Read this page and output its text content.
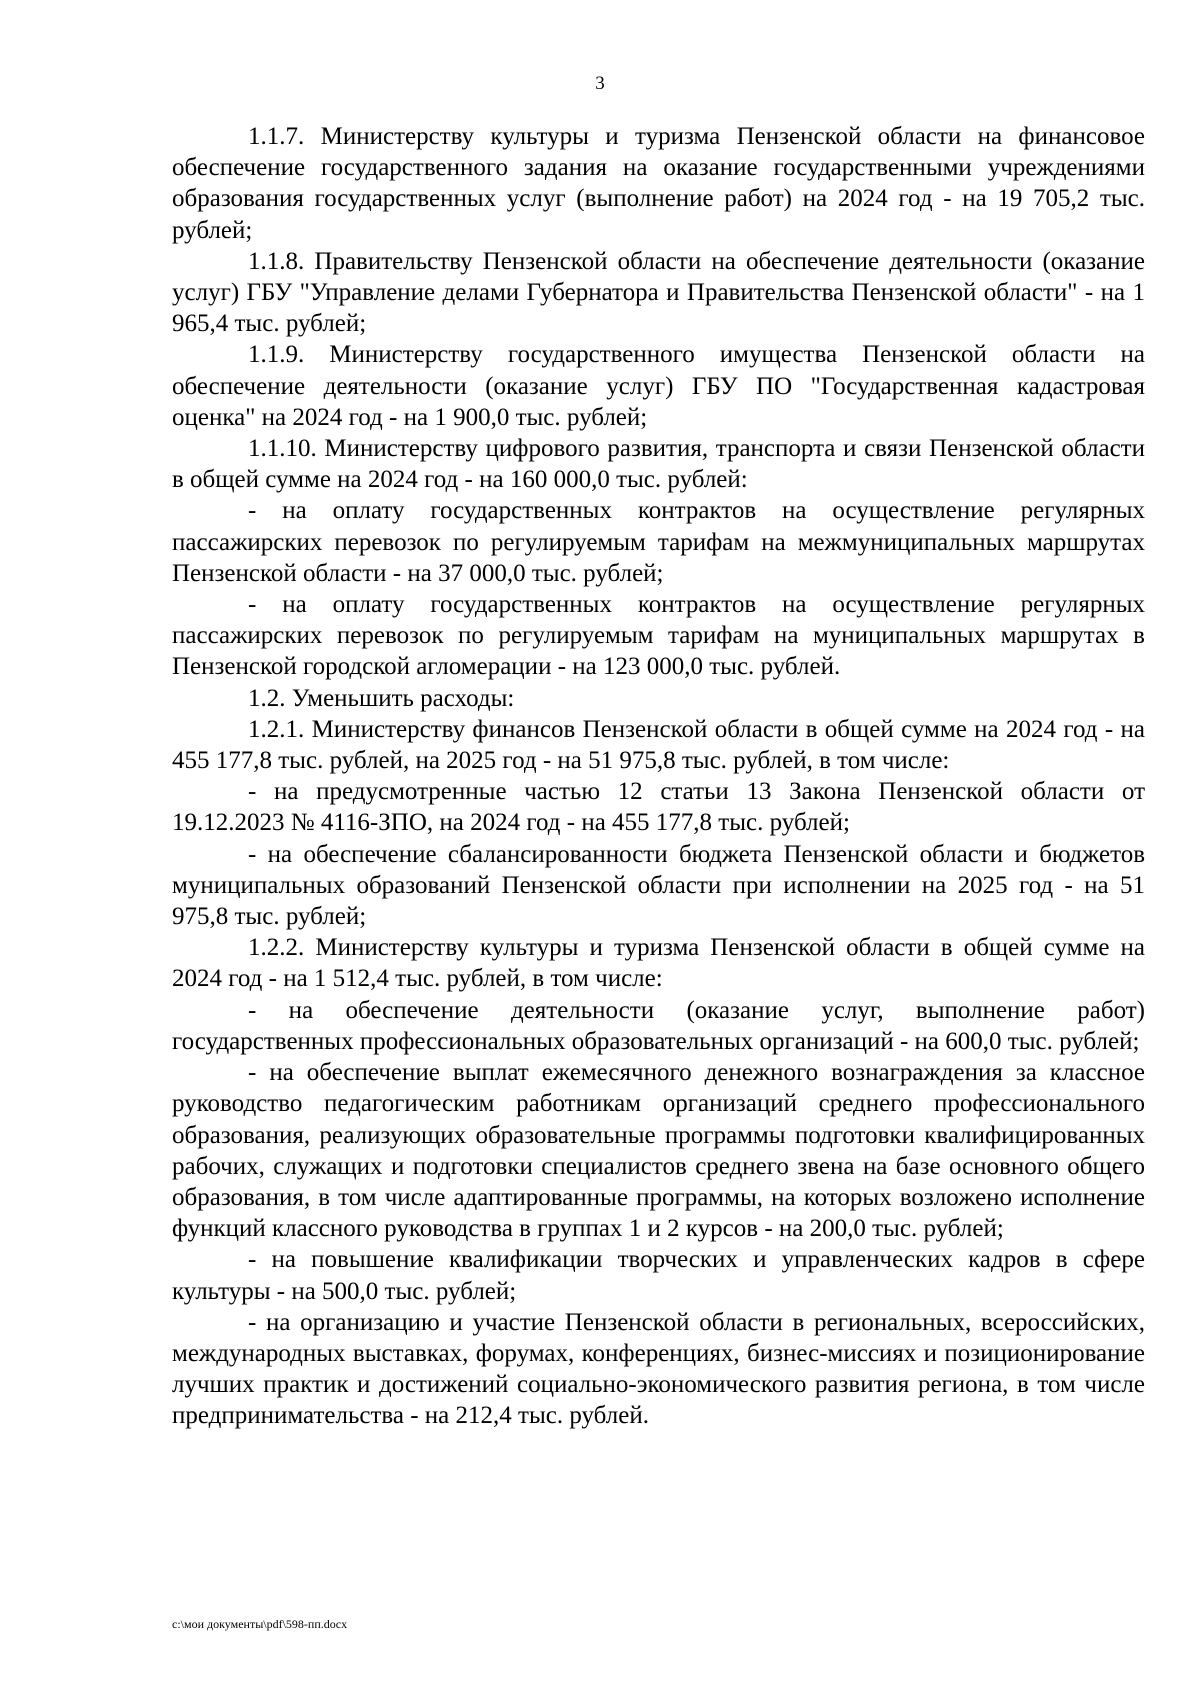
3

1.1.7. Министерству культуры и туризма Пензенской области на финансовое обеспечение государственного задания на оказание государственными учреждениями образования государственных услуг (выполнение работ) на 2024 год - на 19 705,2 тыс. рублей;

1.1.8. Правительству Пензенской области на обеспечение деятельности (оказание услуг) ГБУ "Управление делами Губернатора и Правительства Пензенской области" - на 1 965,4 тыс. рублей;

1.1.9. Министерству государственного имущества Пензенской области на обеспечение деятельности (оказание услуг) ГБУ ПО "Государственная кадастровая оценка" на 2024 год - на 1 900,0 тыс. рублей;

1.1.10. Министерству цифрового развития, транспорта и связи Пензенской области в общей сумме на 2024 год - на 160 000,0 тыс. рублей:

- на оплату государственных контрактов на осуществление регулярных пассажирских перевозок по регулируемым тарифам на межмуниципальных маршрутах Пензенской области - на 37 000,0 тыс. рублей;

- на оплату государственных контрактов на осуществление регулярных пассажирских перевозок по регулируемым тарифам на муниципальных маршрутах в Пензенской городской агломерации - на 123 000,0 тыс. рублей.

1.2. Уменьшить расходы:

1.2.1. Министерству финансов Пензенской области в общей сумме на 2024 год - на 455 177,8 тыс. рублей, на 2025 год - на 51 975,8 тыс. рублей, в том числе:

- на предусмотренные частью 12 статьи 13 Закона Пензенской области от 19.12.2023 № 4116-ЗПО, на 2024 год - на 455 177,8 тыс. рублей;

- на обеспечение сбалансированности бюджета Пензенской области и бюджетов муниципальных образований Пензенской области при исполнении на 2025 год - на 51 975,8 тыс. рублей;

1.2.2. Министерству культуры и туризма Пензенской области в общей сумме на 2024 год - на 1 512,4 тыс. рублей, в том числе:

- на обеспечение деятельности (оказание услуг, выполнение работ) государственных профессиональных образовательных организаций - на 600,0 тыс. рублей;

- на обеспечение выплат ежемесячного денежного вознаграждения за классное руководство педагогическим работникам организаций среднего профессионального образования, реализующих образовательные программы подготовки квалифицированных рабочих, служащих и подготовки специалистов среднего звена на базе основного общего образования, в том числе адаптированные программы, на которых возложено исполнение функций классного руководства в группах 1 и 2 курсов - на 200,0 тыс. рублей;

- на повышение квалификации творческих и управленческих кадров в сфере культуры - на 500,0 тыс. рублей;

- на организацию и участие Пензенской области в региональных, всероссийских, международных выставках, форумах, конференциях, бизнес-миссиях и позиционирование лучших практик и достижений социально-экономического развития региона, в том числе предпринимательства - на 212,4 тыс. рублей.

c:\мои документы\pdf\598-пп.docx
